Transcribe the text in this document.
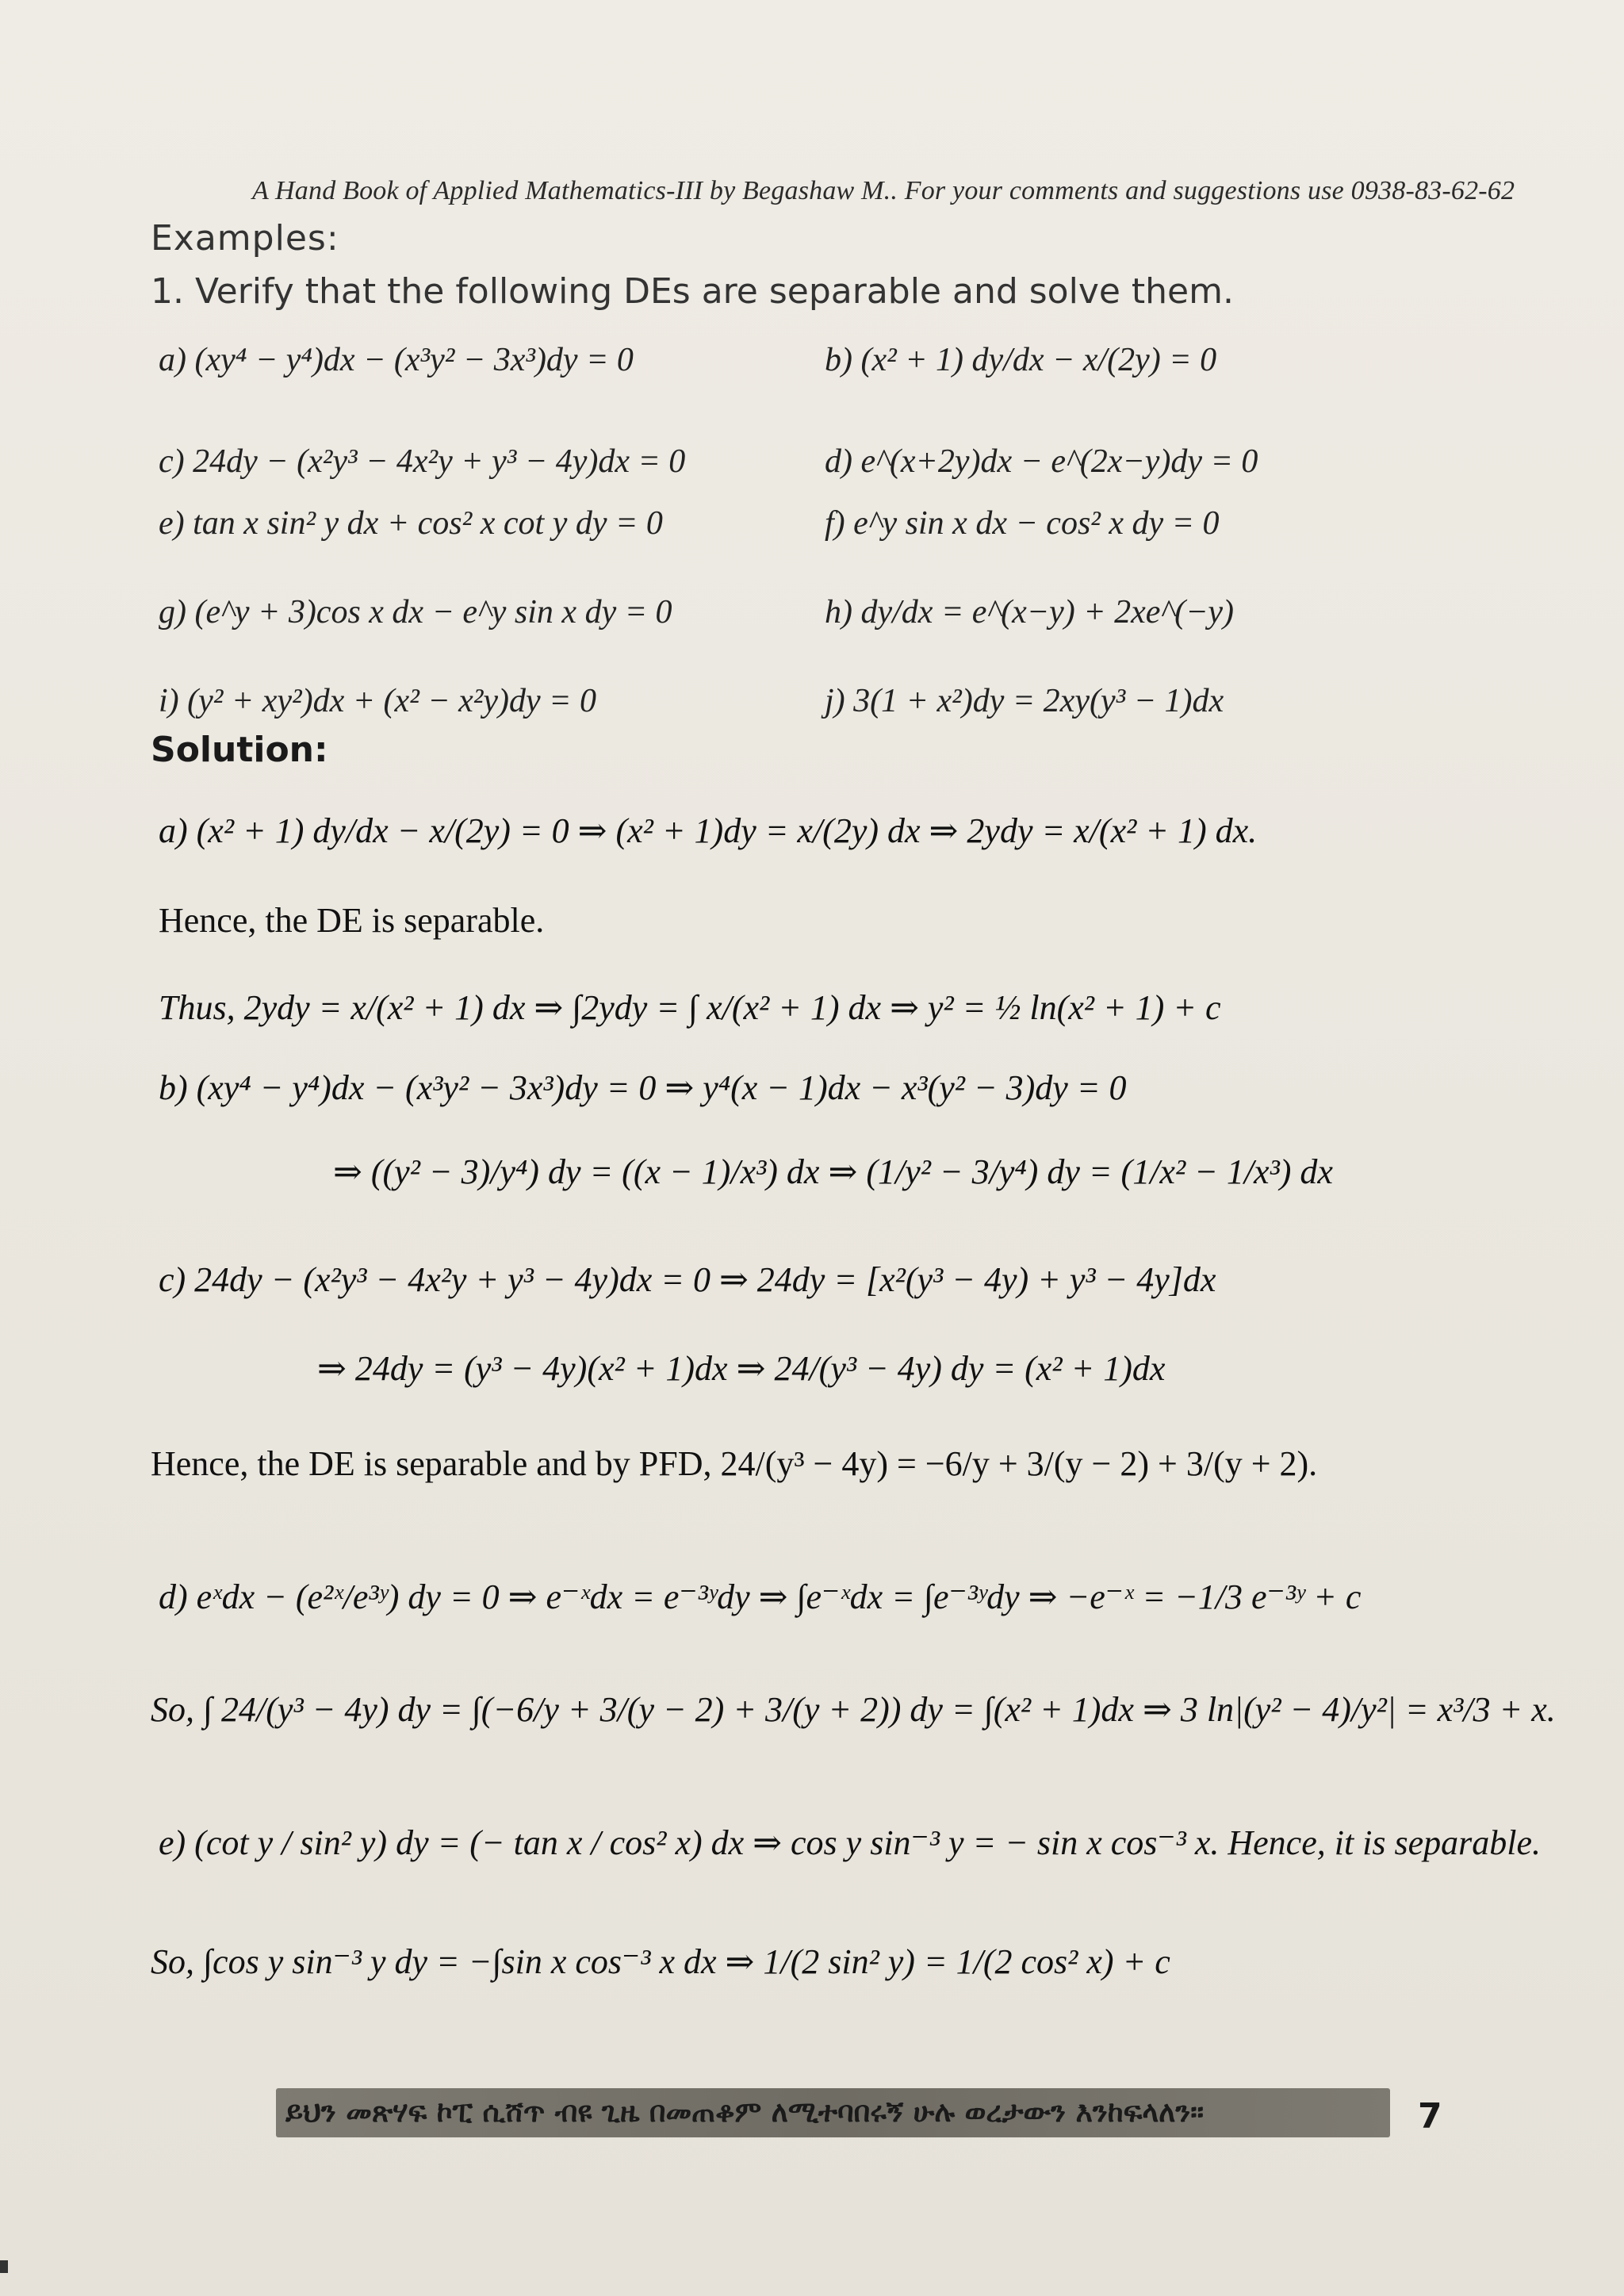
A Hand Book of Applied Mathematics-III by Begashaw M.. For your comments and suggestions use 0938-83-62-62
Examples:
1. Verify that the following DEs are separable and solve them.
a) (xy⁴ − y⁴)dx − (x³y² − 3x³)dy = 0	b) (x² + 1) dy/dx − x/(2y) = 0
c) 24dy − (x²y³ − 4x²y + y³ − 4y)dx = 0	d) e^(x+2y)dx − e^(2x−y)dy = 0
e) tan x sin² y dx + cos² x cot y dy = 0	f) e^y sin x dx − cos² x dy = 0
g) (e^y + 3)cos x dx − e^y sin x dy = 0	h) dy/dx = e^(x−y) + 2xe^(−y)
i) (y² + xy²)dx + (x² − x²y)dy = 0	j) 3(1 + x²)dy = 2xy(y³ − 1)dx
Solution:
a) (x² + 1) dy/dx − x/(2y) = 0 ⇒ (x² + 1)dy = x/(2y) dx ⇒ 2ydy = x/(x² + 1) dx.
Hence, the DE is separable.
Thus, 2ydy = x/(x² + 1) dx ⇒ ∫2ydy = ∫ x/(x² + 1) dx ⇒ y² = ½ ln(x² + 1) + c
b) (xy⁴ − y⁴)dx − (x³y² − 3x³)dy = 0 ⇒ y⁴(x − 1)dx − x³(y² − 3)dy = 0
⇒ ((y² − 3)/y⁴) dy = ((x − 1)/x³) dx ⇒ (1/y² − 3/y⁴) dy = (1/x² − 1/x³) dx
c) 24dy − (x²y³ − 4x²y + y³ − 4y)dx = 0 ⇒ 24dy = [x²(y³ − 4y) + y³ − 4y]dx
⇒ 24dy = (y³ − 4y)(x² + 1)dx ⇒ 24/(y³ − 4y) dy = (x² + 1)dx
Hence, the DE is separable and by PFD, 24/(y³ − 4y) = −6/y + 3/(y − 2) + 3/(y + 2).
d) eˣdx − (e²ˣ/e³ʸ) dy = 0 ⇒ e⁻ˣdx = e⁻³ʸdy ⇒ ∫e⁻ˣdx = ∫e⁻³ʸdy ⇒ −e⁻ˣ = −1/3 e⁻³ʸ + c
So, ∫ 24/(y³ − 4y) dy = ∫(−6/y + 3/(y − 2) + 3/(y + 2)) dy = ∫(x² + 1)dx ⇒ 3 ln|(y² − 4)/y²| = x³/3 + x.
e) (cot y / sin² y) dy = (− tan x / cos² x) dx ⇒ cos y sin⁻³ y = − sin x cos⁻³ x. Hence, it is separable.
So, ∫cos y sin⁻³ y dy = −∫sin x cos⁻³ x dx ⇒ 1/(2 sin² y) = 1/(2 cos² x) + c
ይህን መጽሃፍ ኮፒ ሲሸጥ ብዩ ጊዜ በመጠቆም ለሚተባበሩኝ ሁሉ ወረታውን እንከፍላለን።	7
